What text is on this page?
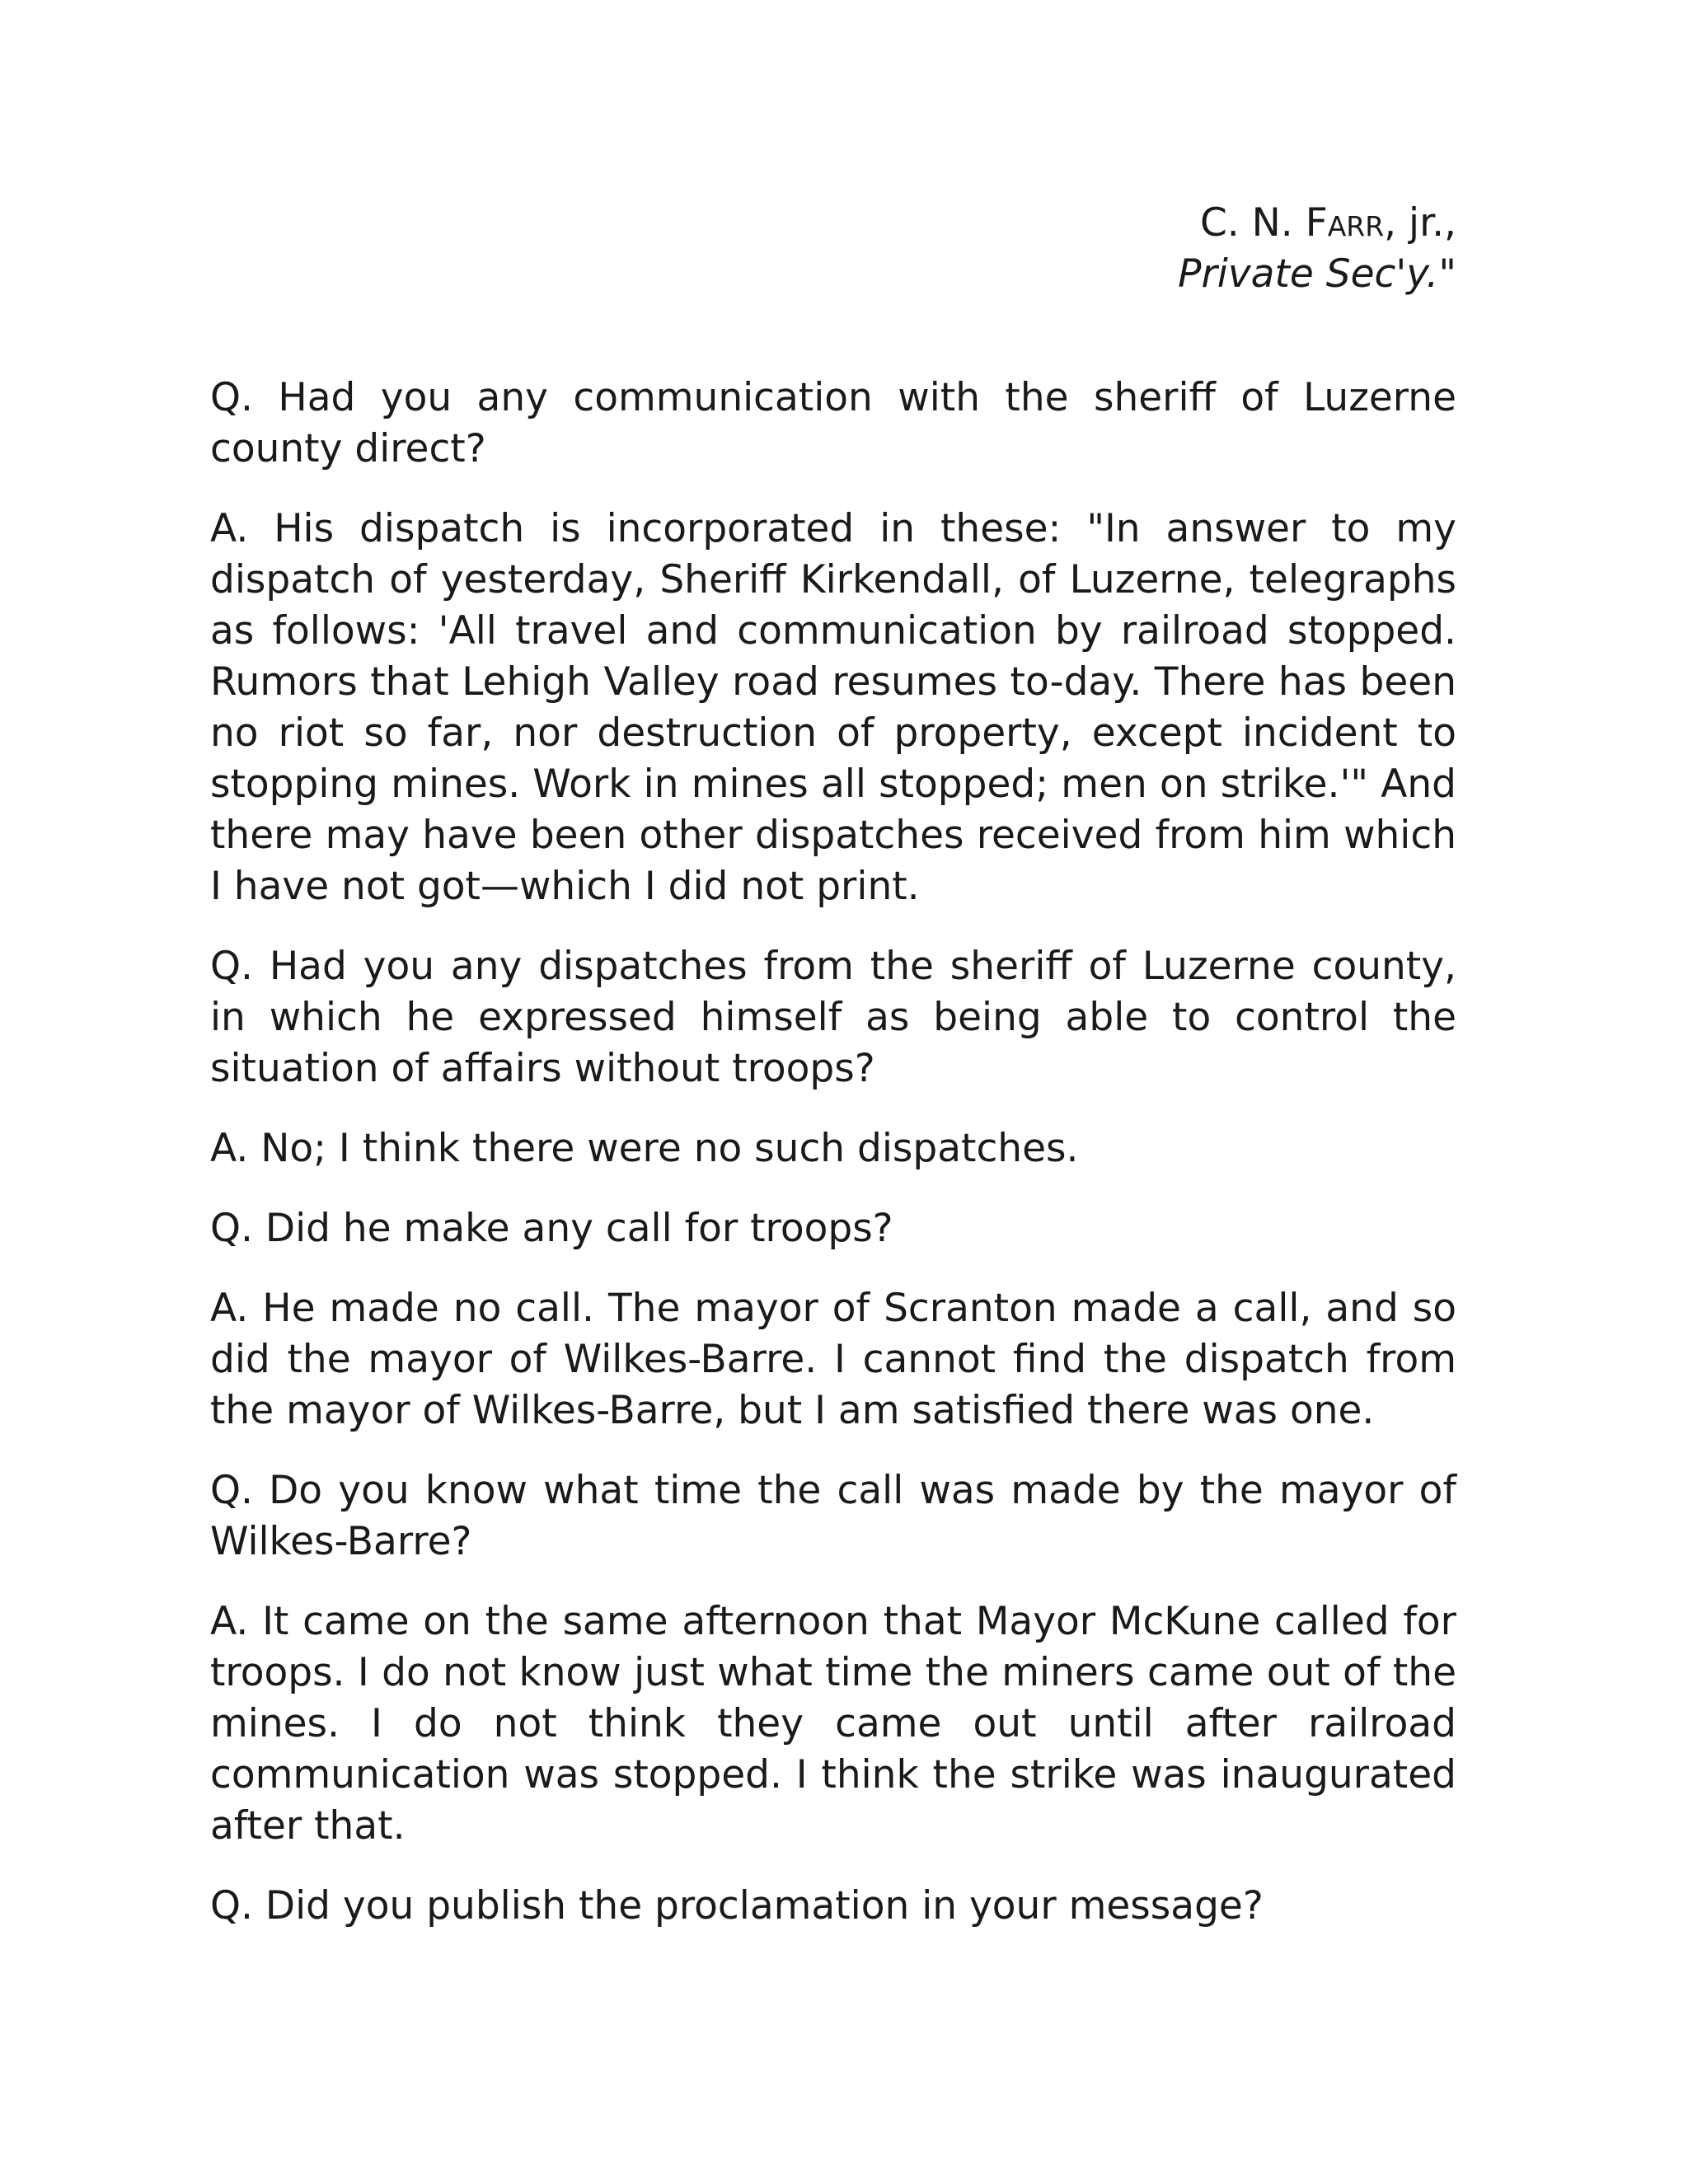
C. N. Farr, jr.,
Private Sec'y."

Q. Had you any communication with the sheriff of Luzerne county direct?

A. His dispatch is incorporated in these: "In answer to my dispatch of yesterday, Sheriff Kirkendall, of Luzerne, telegraphs as follows: 'All travel and communication by railroad stopped. Rumors that Lehigh Valley road resumes to-day. There has been no riot so far, nor destruction of property, except incident to stopping mines. Work in mines all stopped; men on strike.'" And there may have been other dispatches received from him which I have not got—which I did not print.

Q. Had you any dispatches from the sheriff of Luzerne county, in which he expressed himself as being able to control the situation of affairs without troops?

A. No; I think there were no such dispatches.

Q. Did he make any call for troops?

A. He made no call. The mayor of Scranton made a call, and so did the mayor of Wilkes-Barre. I cannot find the dispatch from the mayor of Wilkes-Barre, but I am satisfied there was one.

Q. Do you know what time the call was made by the mayor of Wilkes-Barre?

A. It came on the same afternoon that Mayor McKune called for troops. I do not know just what time the miners came out of the mines. I do not think they came out until after railroad communication was stopped. I think the strike was inaugurated after that.

Q. Did you publish the proclamation in your message?
